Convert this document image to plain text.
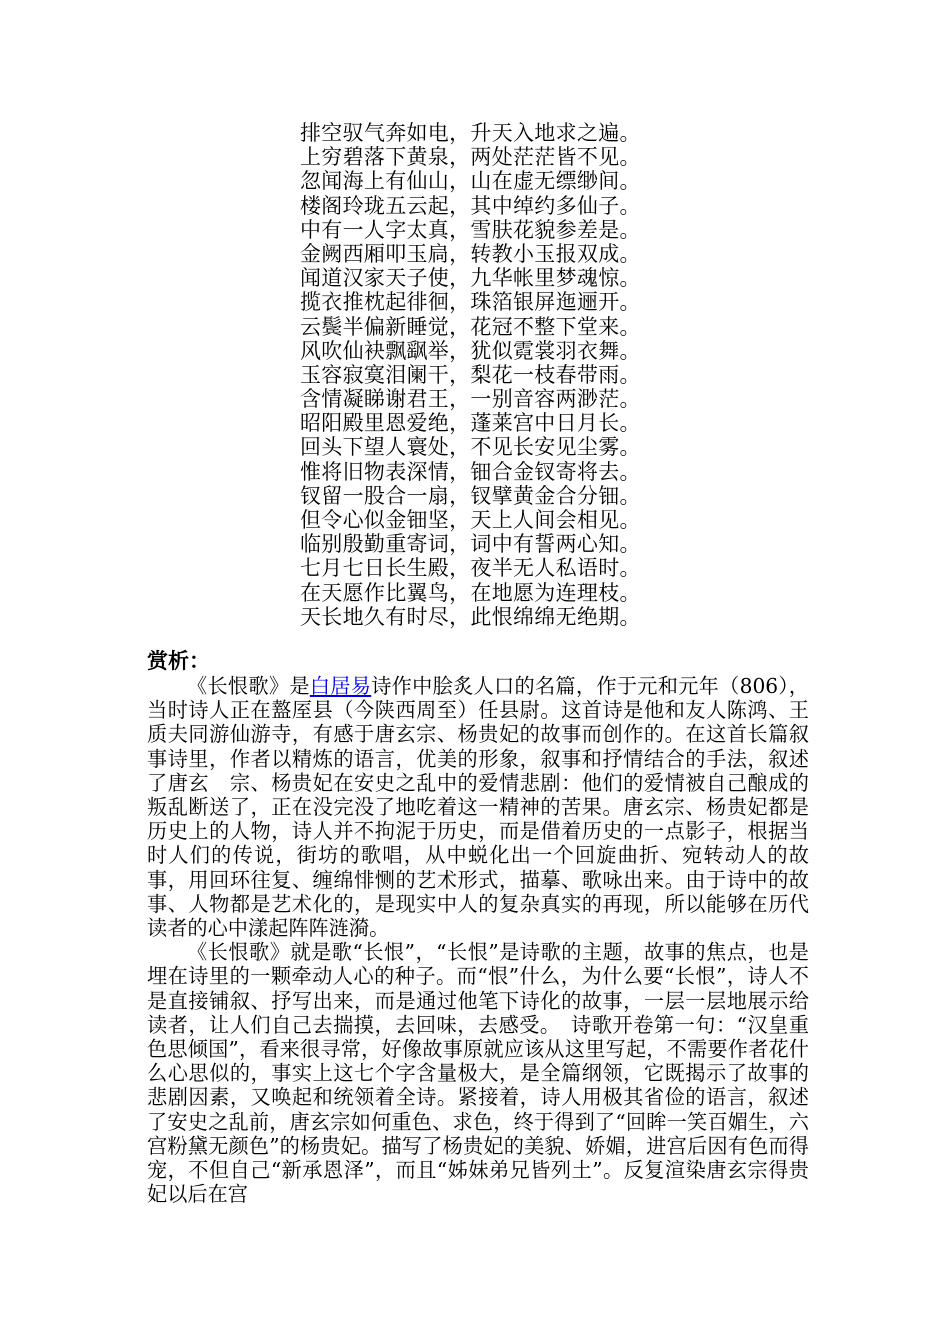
排空驭气奔如电，升天入地求之遍。
上穷碧落下黄泉，两处茫茫皆不见。
忽闻海上有仙山，山在虚无缥缈间。
楼阁玲珑五云起，其中绰约多仙子。
中有一人字太真，雪肤花貌参差是。
金阙西厢叩玉扃，转教小玉报双成。
闻道汉家天子使，九华帐里梦魂惊。
揽衣推枕起徘徊，珠箔银屏迤逦开。
云鬓半偏新睡觉，花冠不整下堂来。
风吹仙袂飘飖举，犹似霓裳羽衣舞。
玉容寂寞泪阑干，梨花一枝春带雨。
含情凝睇谢君王，一别音容两渺茫。
昭阳殿里恩爱绝，蓬莱宫中日月长。
回头下望人寰处，不见长安见尘雾。
惟将旧物表深情，钿合金钗寄将去。
钗留一股合一扇，钗擘黄金合分钿。
但令心似金钿坚，天上人间会相见。
临别殷勤重寄词，词中有誓两心知。
七月七日长生殿，夜半无人私语时。
在天愿作比翼鸟，在地愿为连理枝。
天长地久有时尽，此恨绵绵无绝期。
赏析：

《长恨歌》是白居易诗作中脍炙人口的名篇，作于元和元年（806），当时诗人正在盩厔县（今陕西周至）任县尉。这首诗是他和友人陈鸿、王质夫同游仙游寺，有感于唐玄宗、杨贵妃的故事而创作的。在这首长篇叙事诗里，作者以精炼的语言，优美的形象，叙事和抒情结合的手法，叙述了唐玄　宗、杨贵妃在安史之乱中的爱情悲剧：他们的爱情被自己酿成的叛乱断送了，正在没完没了地吃着这一精神的苦果。唐玄宗、杨贵妃都是历史上的人物，诗人并不拘泥于历史，而是借着历史的一点影子，根据当时人们的传说，街坊的歌唱，从中蜕化出一个回旋曲折、宛转动人的故事，用回环往复、缠绵悱恻的艺术形式，描摹、歌咏出来。由于诗中的故事、人物都是艺术化的，是现实中人的复杂真实的再现，所以能够在历代读者的心中漾起阵阵涟漪。

《长恨歌》就是歌“长恨”，“长恨”是诗歌的主题，故事的焦点，也是埋在诗里的一颗牵动人心的种子。而“恨”什么，为什么要“长恨”，诗人不是直接铺叙、抒写出来，而是通过他笔下诗化的故事，一层一层地展示给读者，让人们自己去揣摸，去回味，去感受。　诗歌开卷第一句：“汉皇重色思倾国”，看来很寻常，好像故事原就应该从这里写起，不需要作者花什么心思似的，事实上这七个字含量极大，是全篇纲领，它既揭示了故事的悲剧因素，又唤起和统领着全诗。紧接着，诗人用极其省俭的语言，叙述了安史之乱前，唐玄宗如何重色、求色，终于得到了“回眸一笑百媚生，六宫粉黛无颜色”的杨贵妃。描写了杨贵妃的美貌、娇媚，进宫后因有色而得宠，不但自己“新承恩泽”，而且“姊妹弟兄皆列土”。反复渲染唐玄宗得贵妃以后在宫
